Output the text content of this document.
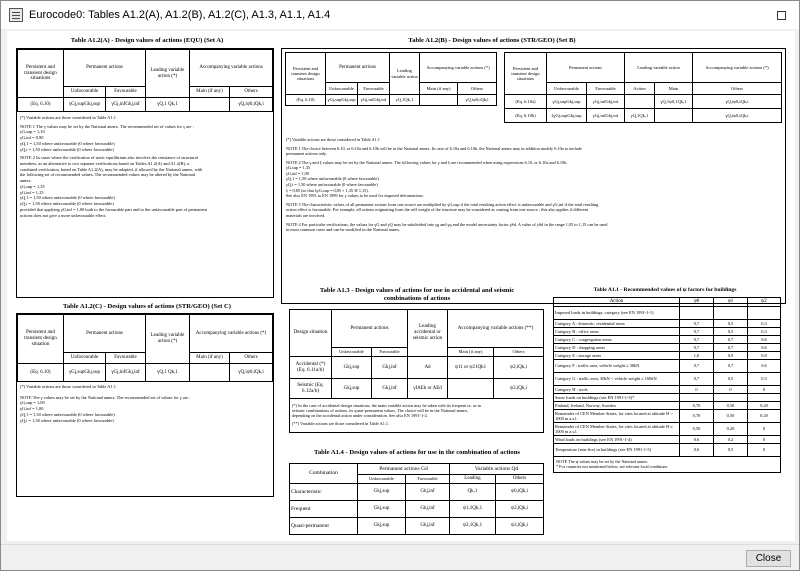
Eurocode0: Tables A1.2(A), A1.2(B), A1.2(C), A1.3, A1.1, A1.4
Table A1.2(A) - Design values of actions (EQU) (Set A)
Persistent and transient design situations	Permanent actions		Leading variable action (*)	Accompanying variable actions	
	Unfavourable	Favourable		Main (if any)	Others
(Eq. 6.10)	γGj,supGkj,sup	γGj,infGkj,inf	γQ,1 Qk,1		γQ,iψ0,iQk,i

(*) Variable actions are those considered in Table A1.1

NOTE 1 The γ values may be set by the National annex. The recommended set of values for γ are :

γG,sup = 1,10

γG,inf = 0,90

γQ,1 = 1,50 where unfavourable (0 where favourable)

γQ,i = 1,50 where unfavourable (0 where favourable)

NOTE 2 In cases where the verification of static equilibrium also involves the resistance of structural

members, as an alternative to two separate verifications based on Tables A1.2(A) and A1.2(B), a

combined verification, based on Table A1.2(A), may be adopted, if allowed by the National annex, with

the following set of recommended values. The recommended values may be altered by the National

annex.

γG,sup = 1,35

γG,inf = 1,15

γQ,1 = 1,50 where unfavourable (0 where favourable)

γQ,i = 1,50 where unfavourable (0 where favourable)

provided that applying γG,inf = 1,00 both to the favourable part and to the unfavourable part of permanent

actions does not give a more unfavourable effect.

Table A1.2(B) - Design values of actions (STR/GEO) (Set B)
Persistent and transient design situations	Permanent actions		Leading variable action	Accompanying variable actions (*)	
	Unfavourable	Favourable		Main (if any)	Others
(Eq. 6.10)	γGj,supGkj,sup	γGj,infGkj,inf	γQ,1Qk,1		γQ,iψ0,iQk,i
Persistent and transient design situations	Permanent actions		Leading variable action		Accompanying variable actions (*)
	Unfavourable	Favourable	Action	Main	Others
(Eq. 6.10a)	γGj,supGkj,sup	γGj,infGkj,inf		γQ,1ψ0,1Qk,1	γQ,iψ0,iQk,i
(Eq. 6.10b)	ξγGj,supGkj,sup	γGj,infGkj,inf	γQ,1Qk,1		γQ,iψ0,iQk,i

(*) Variable actions are those considered in Table A1.1

NOTE 1 The choice between 6.10, or 6.10a and 6.10b will be in the National annex. In case of 6.10a and 6.10b, the National annex may in addition modify 6.10a to include

permanent actions only.

NOTE 2 The γ and ξ values may be set by the National annex. The following values for γ and ξ are recommended when using expressions 6.10, or 6.10a and 6.10b.

γG,sup = 1,35

γG,inf = 1,00

γQ,1 = 1,50 where unfavourable (0 where favourable)

γQ,i = 1,50 where unfavourable (0 where favourable)

ξ = 0,85 (so that ξγG,sup = 0,85 × 1,35 ≅ 1,15).

See also EN 1991 to EN 1999 for γ values to be used for imposed deformations.

NOTE 3 The characteristic values of all permanent actions from one source are multiplied by γG,sup if the total resulting action effect is unfavourable and γG,inf if the total resulting

action effect is favourable. For example, all actions originating from the self weight of the structure may be considered as coming from one source ; this also applies if different

materials are involved.

NOTE 4 For particular verifications, the values for γG and γQ may be subdivided into γg and γq and the model uncertainty factor γSd. A value of γSd in the range 1,05 to 1,15 can be used

in most common cases and can be modified in the National annex.

Table A1.2(C) - Design values of actions (STR/GEO) (Set C)
Persistent and transient design situation	Permanent actions		Leading variable action (*)	Accompanying variable actions (*)	
	Unfavourable	Favourable		Main (if any)	Others
(Eq. 6.10)	γGj,supGkj,sup	γGj,infGkj,inf	γQ,1 Qk,1		γQ,iψ0,iQk,i

(*) Variable actions are those considered in Table A1.1

NOTE The γ values may be set by the National annex. The recommended set of values for γ are :

γG,sup = 1,00

γG,inf = 1,00

γQ,1 = 1,30 where unfavourable (0 where favourable)

γQ,i = 1,30 where unfavourable (0 where favourable)

Table A1.3 - Design values of actions for use in accidental and seismic
combinations of actions
Design situation	Permanent actions		Leading accidental or seismic action	Accompanying variable actions (**)	
	Unfavourable	Favourable		Main (if any)	Others
Accidental (*) (Eq. 6.11a/b)	Gkj,sup	Gkj,inf	Ad	ψ11 or ψ21Qk1	ψ2,iQk,i
Seismic (Eq. 6.12a/b)	Gkj,sup	Gkj,inf	γIAEk or AEd		ψ2,iQk,i

(*) In the case of accidental design situations, the main variable action may be taken with its frequent or, as in
seismic combinations of actions, its quasi-permanent values. The choice will be in the National annex,
depending on the accidental action under consideration. See also EN 1991-1-2.
(**) Variable actions are those considered in Table A1.1.					
Table A1.4 - Design values of actions for use in the combination of actions
Combination	Permanent actions Gd		Variable actions Qd	
	Unfavourable	Favourable	Leading	Others
Characteristic	Gkj,sup	Gkj,inf	Qk,1	ψ0,iQk,i
Frequent	Gkj,sup	Gkj,inf	ψ1,1Qk,1	ψ2,iQk,i
Quasi-permanent	Gkj,sup	Gkj,inf	ψ2,1Qk,1	ψ2,iQk,i
Table A1.1 - Recommended values of ψ factors for buildings
Action	ψ0	ψ1	ψ2
Imposed loads in buildings, category (see EN 1991-1-1)			
Category A : domestic, residential areas	0,7	0,5	0,3
Category B : office areas	0,7	0,5	0,3
Category C : congregation areas	0,7	0,7	0,6
Category D : shopping areas	0,7	0,7	0,6
Category E : storage areas	1,0	0,9	0,8
Category F : traffic area, vehicle weight ≤ 30kN	0,7	0,7	0,6
Category G : traffic area, 30kN < vehicle weight ≤ 160kN	0,7	0,5	0,3
Category H : roofs	0	0	0
Snow loads on buildings (see EN 1991-1-3)*			
Finland, Iceland, Norway, Sweden	0,70	0,50	0,20
Remainder of CEN Member States, for sites located at altitude H > 1000 m a.s.l.	0,70	0,50	0,20
Remainder of CEN Member States, for sites located at altitude H ≤ 1000 m a.s.l.	0,50	0,20	0
Wind loads on buildings (see EN 1991-1-4)	0,6	0,2	0
Temperature (non-fire) in buildings (see EN 1991-1-5)	0,6	0,5	0

NOTE The ψ values may be set by the National annex.
* For countries not mentioned below, see relevant local conditions.			
Close
